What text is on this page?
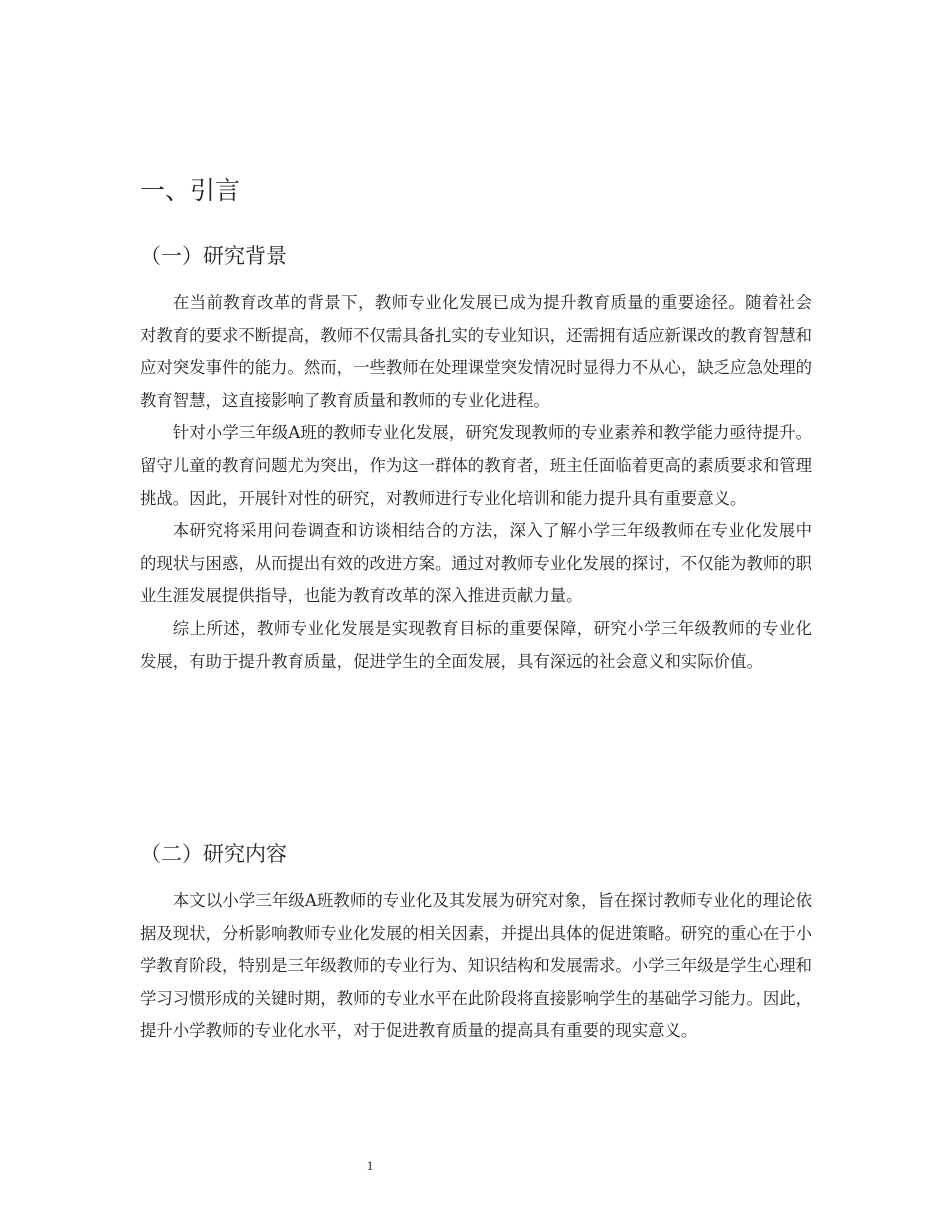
一、引言
（一）研究背景

在当前教育改革的背景下，教师专业化发展已成为提升教育质量的重要途径。随着社会对教育的要求不断提高，教师不仅需具备扎实的专业知识，还需拥有适应新课改的教育智慧和应对突发事件的能力。然而，一些教师在处理课堂突发情况时显得力不从心，缺乏应急处理的教育智慧，这直接影响了教育质量和教师的专业化进程。

针对小学三年级A班的教师专业化发展，研究发现教师的专业素养和教学能力亟待提升。留守儿童的教育问题尤为突出，作为这一群体的教育者，班主任面临着更高的素质要求和管理挑战。因此，开展针对性的研究，对教师进行专业化培训和能力提升具有重要意义。

本研究将采用问卷调查和访谈相结合的方法，深入了解小学三年级教师在专业化发展中的现状与困惑，从而提出有效的改进方案。通过对教师专业化发展的探讨，不仅能为教师的职业生涯发展提供指导，也能为教育改革的深入推进贡献力量。

综上所述，教师专业化发展是实现教育目标的重要保障，研究小学三年级教师的专业化发展，有助于提升教育质量，促进学生的全面发展，具有深远的社会意义和实际价值。

（二）研究内容

本文以小学三年级A班教师的专业化及其发展为研究对象，旨在探讨教师专业化的理论依据及现状，分析影响教师专业化发展的相关因素，并提出具体的促进策略。研究的重心在于小学教育阶段，特别是三年级教师的专业行为、知识结构和发展需求。小学三年级是学生心理和学习习惯形成的关键时期，教师的专业水平在此阶段将直接影响学生的基础学习能力。因此，提升小学教师的专业化水平，对于促进教育质量的提高具有重要的现实意义。

1
